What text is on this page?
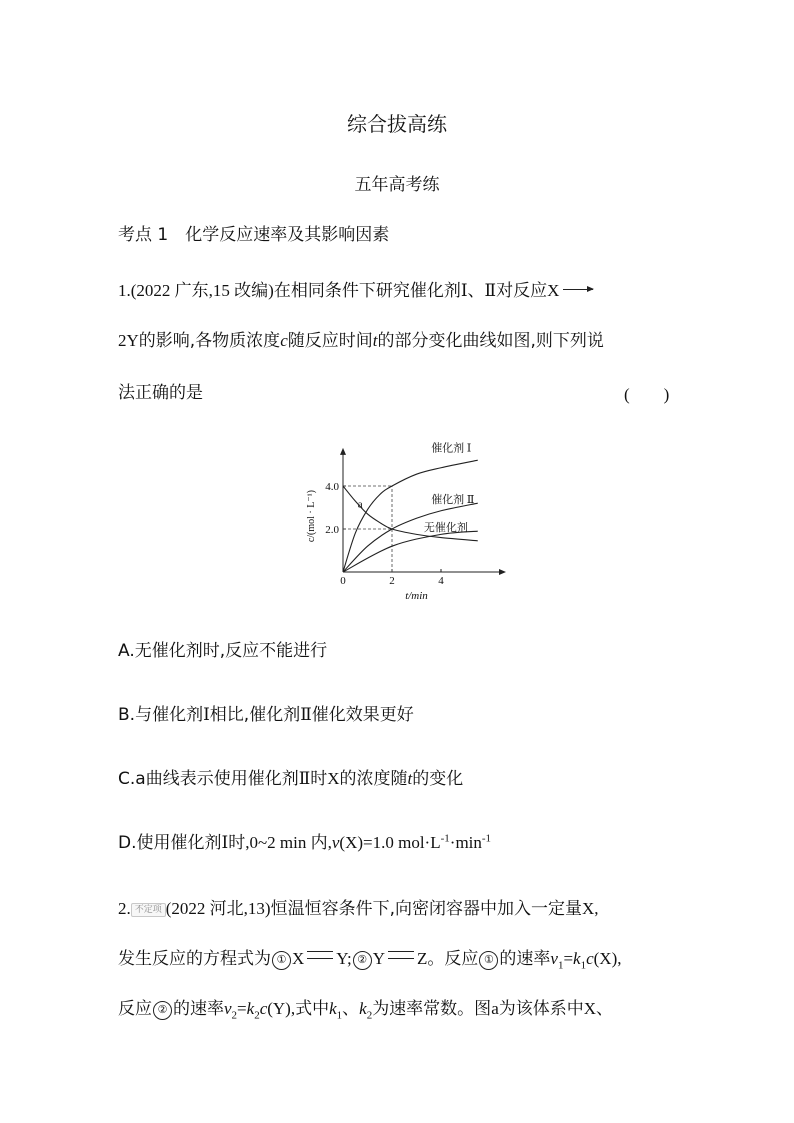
综合拔高练
五年高考练
考点 1　化学反应速率及其影响因素
1.(2022 广东,15 改编)在相同条件下研究催化剂Ⅰ、Ⅱ对反应X →
2Y的影响,各物质浓度c随反应时间t的部分变化曲线如图,则下列说
法正确的是	(　　)
0	2	4
2.0
4.0
t/min
c/(mol · L⁻¹)
催化剂 Ⅰ
催化剂 Ⅱ
无催化剂
a
A.无催化剂时,反应不能进行
B.与催化剂Ⅰ相比,催化剂Ⅱ催化效果更好
C.a曲线表示使用催化剂Ⅱ时X的浓度随t的变化
D.使用催化剂Ⅰ时,0~2 min 内,v(X)=1.0 $mol\cdot L^{-1}\cdot\min^{-1}$
2. 不定项 (2022 河北,13)恒温恒容条件下,向密闭容器中加入一定量X,
发生反应的方程式为 ① X Y; ② Y Z。反应 ① 的速率$v_1=k_1c(X)$,
反应 ② 的速率$v_2=k_2c(Y)$,式中$k_1$、$k_2$为速率常数。图a为该体系中X、
